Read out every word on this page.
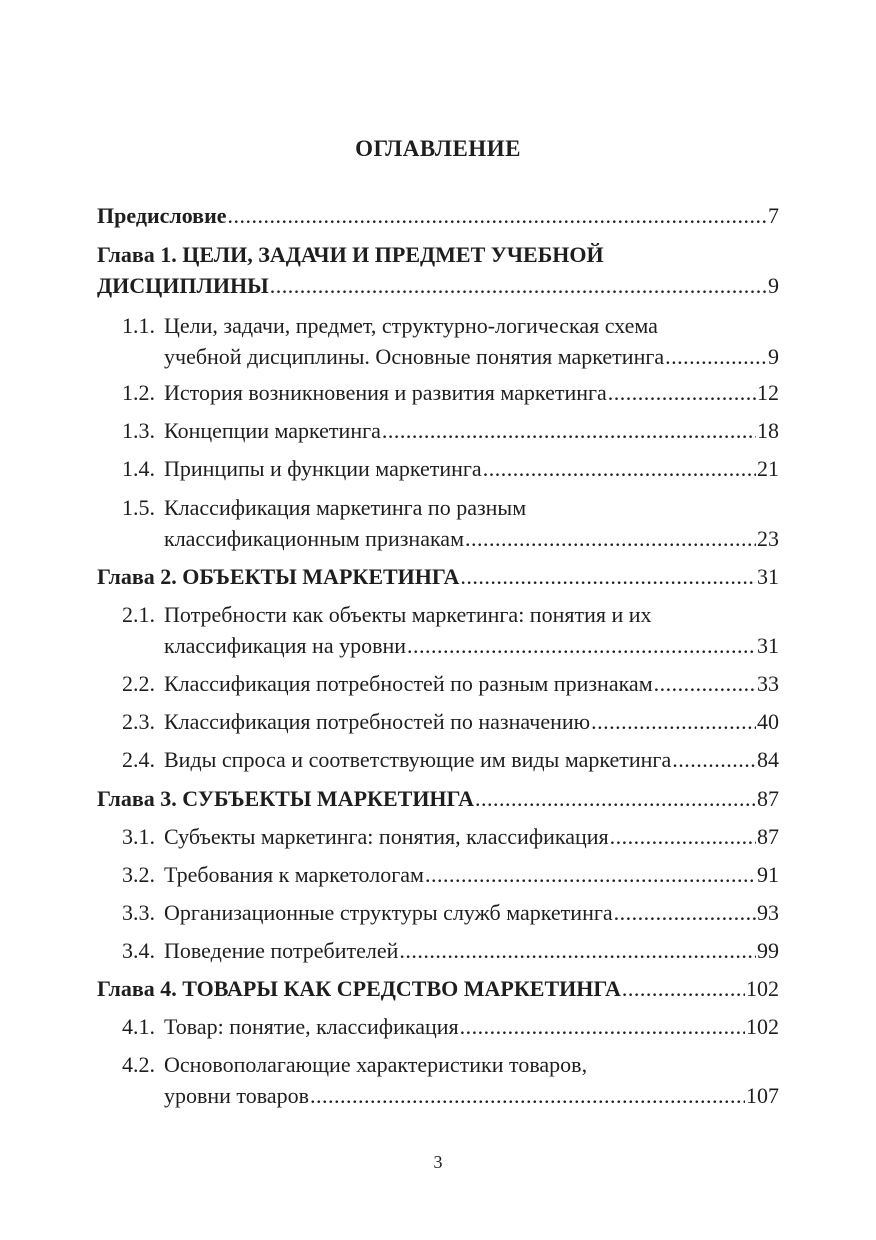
ОГЛАВЛЕНИЕ
Предисловие .....	7
Глава 1. ЦЕЛИ, ЗАДАЧИ И ПРЕДМЕТ УЧЕБНОЙ
ДИСЦИПЛИНЫ .....	9
1.1. Цели, задачи, предмет, структурно-логическая схема
учебной дисциплины. Основные понятия маркетинга .....	9
1.2. История возникновения и развития маркетинга .....	12
1.3. Концепции маркетинга .....	18
1.4. Принципы и функции маркетинга .....	21
1.5. Классификация маркетинга по разным
классификационным признакам .....	23
Глава 2. ОБЪЕКТЫ МАРКЕТИНГА .....	31
2.1. Потребности как объекты маркетинга: понятия и их
классификация на уровни .....	31
2.2. Классификация потребностей по разным признакам .....	33
2.3. Классификация потребностей по назначению .....	40
2.4. Виды спроса и соответствующие им виды маркетинга .....	84
Глава 3. СУБЪЕКТЫ МАРКЕТИНГА .....	87
3.1. Субъекты маркетинга: понятия, классификация .....	87
3.2. Требования к маркетологам .....	91
3.3. Организационные структуры служб маркетинга .....	93
3.4. Поведение потребителей .....	99
Глава 4. ТОВАРЫ КАК СРЕДСТВО МАРКЕТИНГА .....	102
4.1. Товар: понятие, классификация .....	102
4.2. Основополагающие характеристики товаров,
уровни товаров .....	107
3
